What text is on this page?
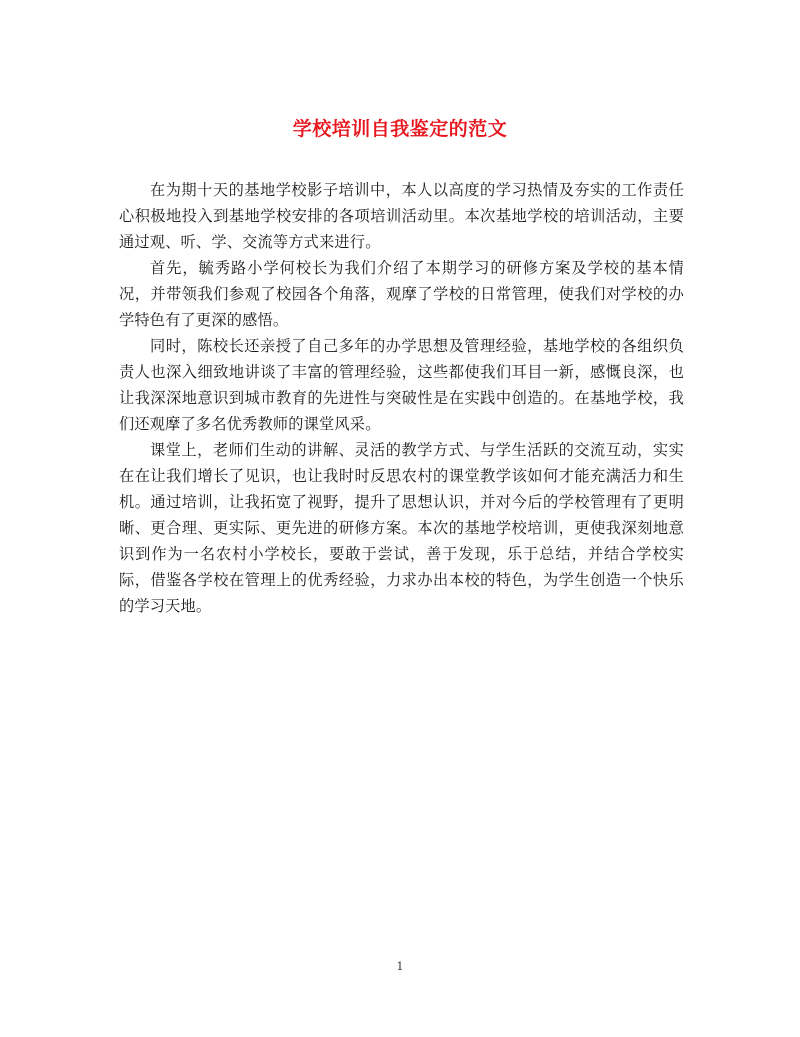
学校培训自我鉴定的范文

在为期十天的基地学校影子培训中，本人以高度的学习热情及夯实的工作责任心积极地投入到基地学校安排的各项培训活动里。本次基地学校的培训活动，主要通过观、听、学、交流等方式来进行。

首先，毓秀路小学何校长为我们介绍了本期学习的研修方案及学校的基本情况，并带领我们参观了校园各个角落，观摩了学校的日常管理，使我们对学校的办学特色有了更深的感悟。

同时，陈校长还亲授了自己多年的办学思想及管理经验，基地学校的各组织负责人也深入细致地讲谈了丰富的管理经验，这些都使我们耳目一新，感慨良深，也让我深深地意识到城市教育的先进性与突破性是在实践中创造的。在基地学校，我们还观摩了多名优秀教师的课堂风采。

课堂上，老师们生动的讲解、灵活的教学方式、与学生活跃的交流互动，实实在在让我们增长了见识，也让我时时反思农村的课堂教学该如何才能充满活力和生机。通过培训，让我拓宽了视野，提升了思想认识，并对今后的学校管理有了更明晰、更合理、更实际、更先进的研修方案。本次的基地学校培训，更使我深刻地意识到作为一名农村小学校长，要敢于尝试，善于发现，乐于总结，并结合学校实际，借鉴各学校在管理上的优秀经验，力求办出本校的特色，为学生创造一个快乐的学习天地。

1
